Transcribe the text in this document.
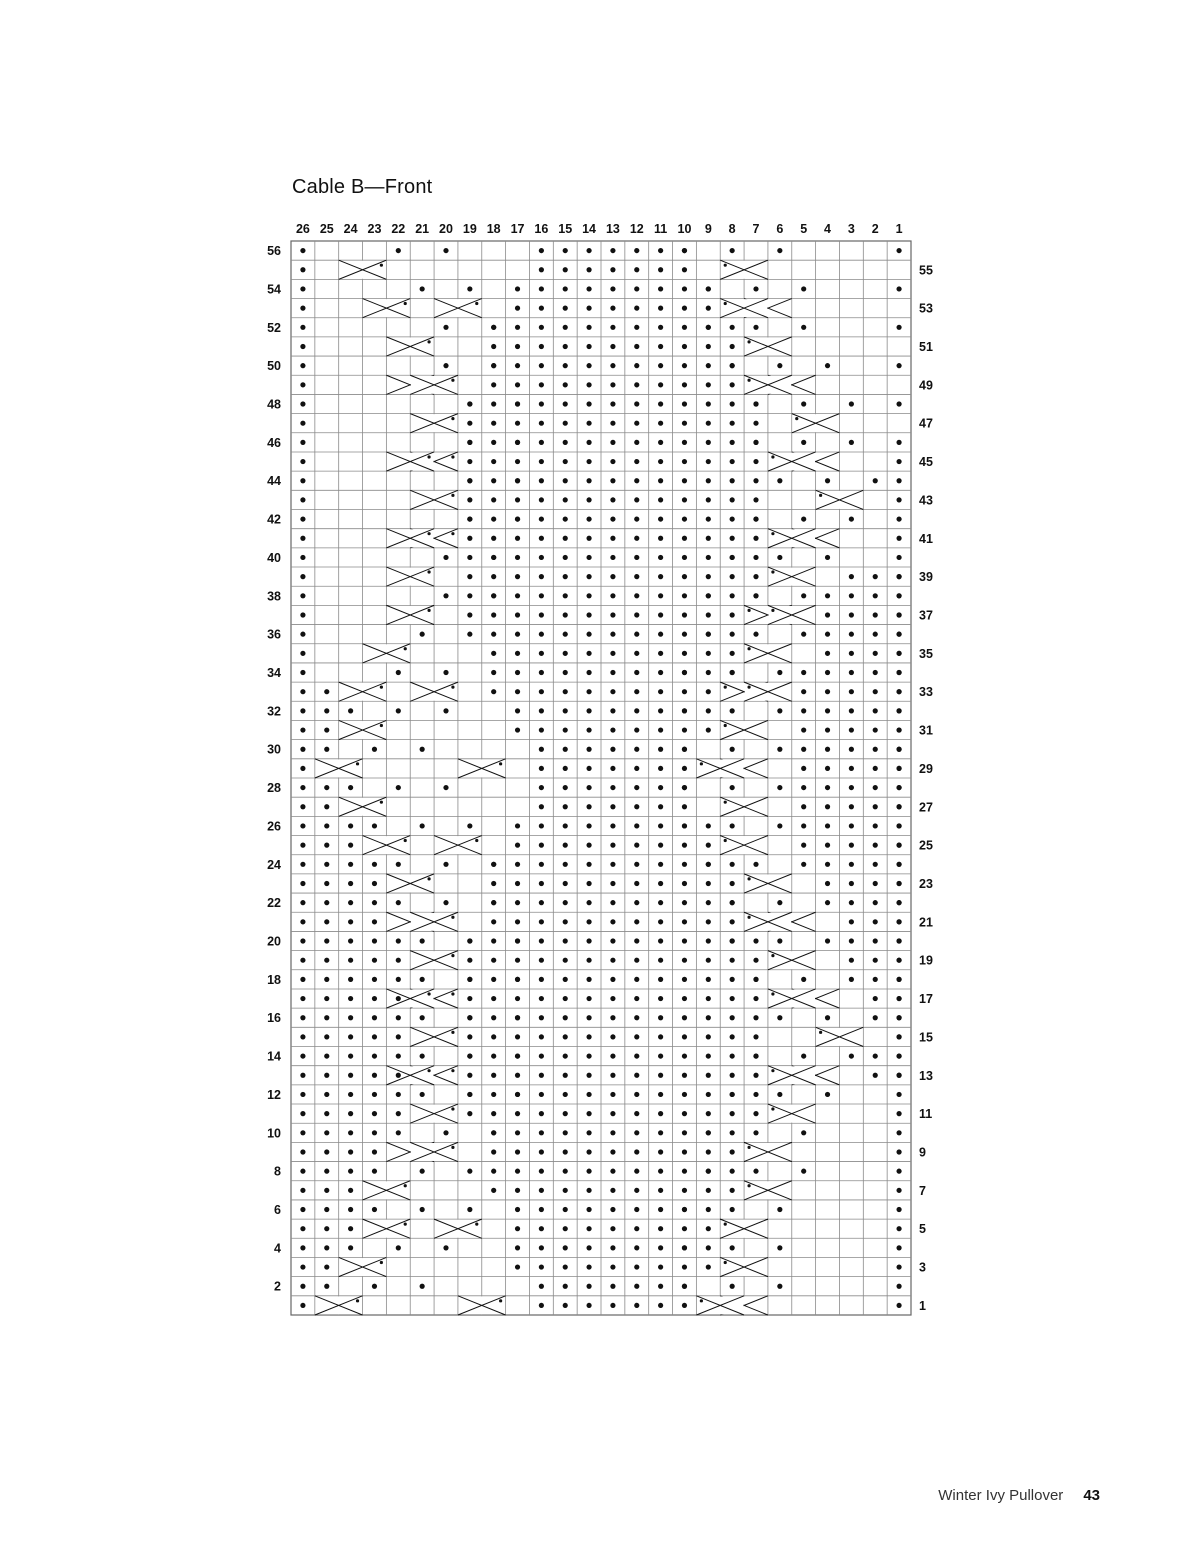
Cable B—Front
26 25 24 23 22 21 20 19 18 17 16 15 14 13 12 11 10 9 8 7 6 5 4 3 2 1
56
54
52
50
48
46
44
42
40
38
36
34
32
30
28
26
24
22
20
18
16
14
12
10
8
6
4
2
55
53
51
49
47
45
43
41
39
37
35
33
31
29
27
25
23
21
19
17
15
13
11
9
7
5
3
1
Winter Ivy Pullover 43
